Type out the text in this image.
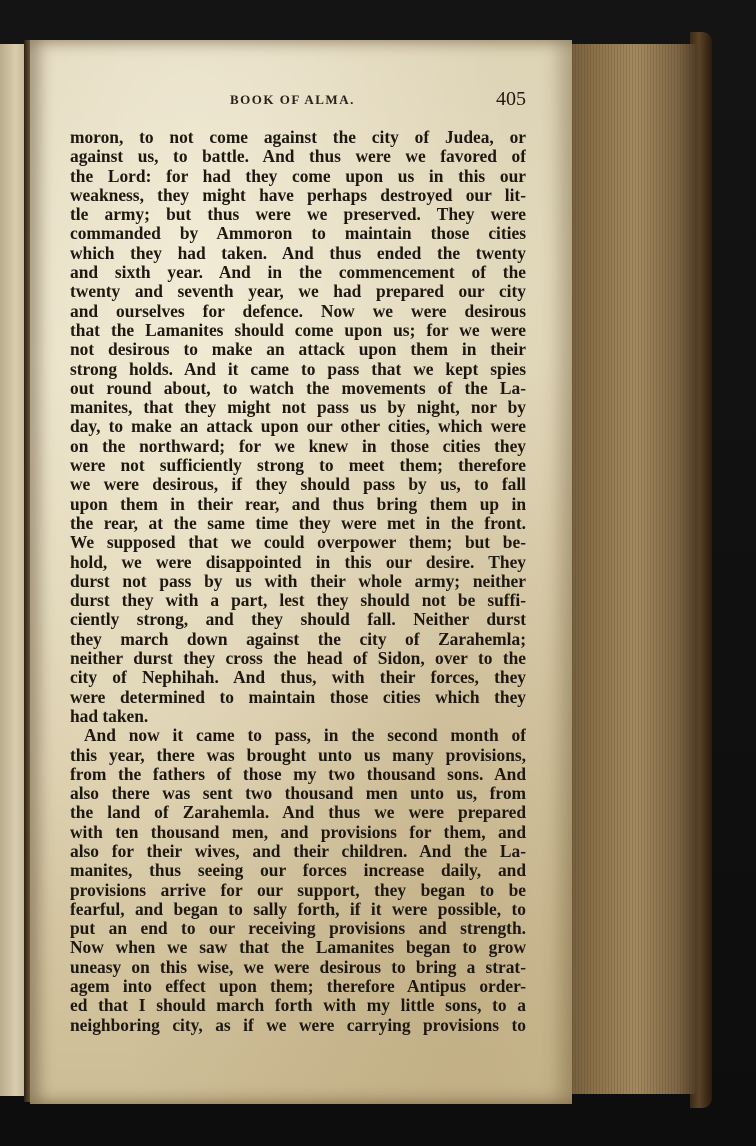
BOOK OF ALMA.	405
moron, to not come against the city of Judea, or
against us, to battle. And thus were we favored of
the Lord: for had they come upon us in this our
weakness, they might have perhaps destroyed our lit-
tle army; but thus were we preserved. They were
commanded by Ammoron to maintain those cities
which they had taken. And thus ended the twenty
and sixth year. And in the commencement of the
twenty and seventh year, we had prepared our city
and ourselves for defence. Now we were desirous
that the Lamanites should come upon us; for we were
not desirous to make an attack upon them in their
strong holds. And it came to pass that we kept spies
out round about, to watch the movements of the La-
manites, that they might not pass us by night, nor by
day, to make an attack upon our other cities, which were
on the northward; for we knew in those cities they
were not sufficiently strong to meet them; therefore
we were desirous, if they should pass by us, to fall
upon them in their rear, and thus bring them up in
the rear, at the same time they were met in the front.
We supposed that we could overpower them; but be-
hold, we were disappointed in this our desire. They
durst not pass by us with their whole army; neither
durst they with a part, lest they should not be suffi-
ciently strong, and they should fall. Neither durst
they march down against the city of Zarahemla;
neither durst they cross the head of Sidon, over to the
city of Nephihah. And thus, with their forces, they
were determined to maintain those cities which they
had taken.
And now it came to pass, in the second month of
this year, there was brought unto us many provisions,
from the fathers of those my two thousand sons. And
also there was sent two thousand men unto us, from
the land of Zarahemla. And thus we were prepared
with ten thousand men, and provisions for them, and
also for their wives, and their children. And the La-
manites, thus seeing our forces increase daily, and
provisions arrive for our support, they began to be
fearful, and began to sally forth, if it were possible, to
put an end to our receiving provisions and strength.
Now when we saw that the Lamanites began to grow
uneasy on this wise, we were desirous to bring a strat-
agem into effect upon them; therefore Antipus order-
ed that I should march forth with my little sons, to a
neighboring city, as if we were carrying provisions to
